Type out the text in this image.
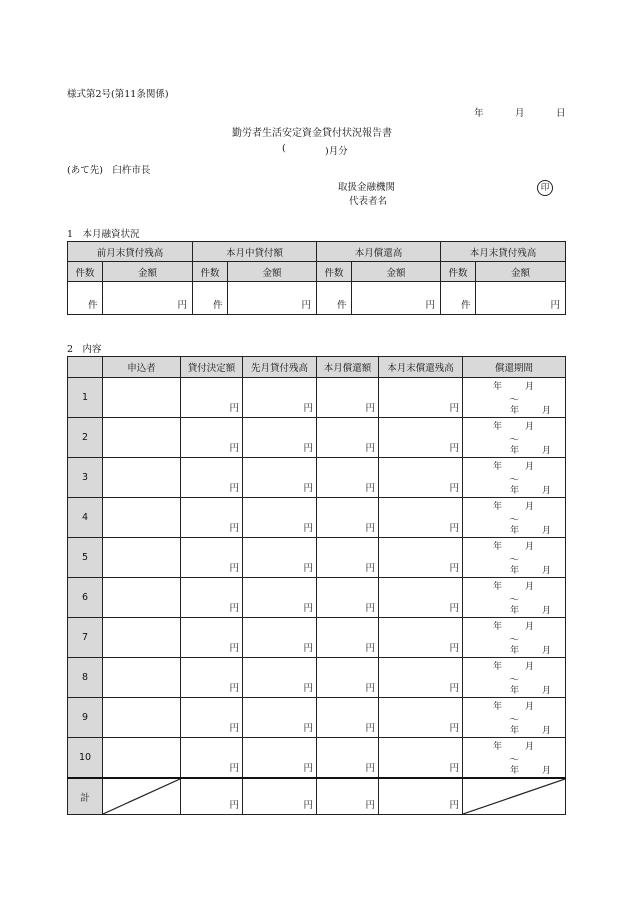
様式第2号(第11条関係)
年	月	日
勤労者生活安定資金貸付状況報告書
(	)月分
(あて先)　臼杵市長
取扱金融機関
代表者名
印
1　本月融資状況
前月末貸付残高		本月中貸付額		本月償還高		本月末貸付残高	
件数	金額	件数	金額	件数	金額	件数	金額

件	円	件	円	件	円	件	円
2　内容
	申込者	貸付決定額	先月貸付残高	本月償還額	本月末償還残高	償還期間
1		円	円	円	円	年 月
～
年 月

2		円	円	円	円	年 月
～
年 月

3		円	円	円	円	年 月
～
年 月

4		円	円	円	円	年 月
～
年 月

5		円	円	円	円	年 月
～
年 月

6		円	円	円	円	年 月
～
年 月

7		円	円	円	円	年 月
～
年 月

8		円	円	円	円	年 月
～
年 月

9		円	円	円	円	年 月
～
年 月

10		円	円	円	円	年 月
～
年 月

計		円	円	円	円
